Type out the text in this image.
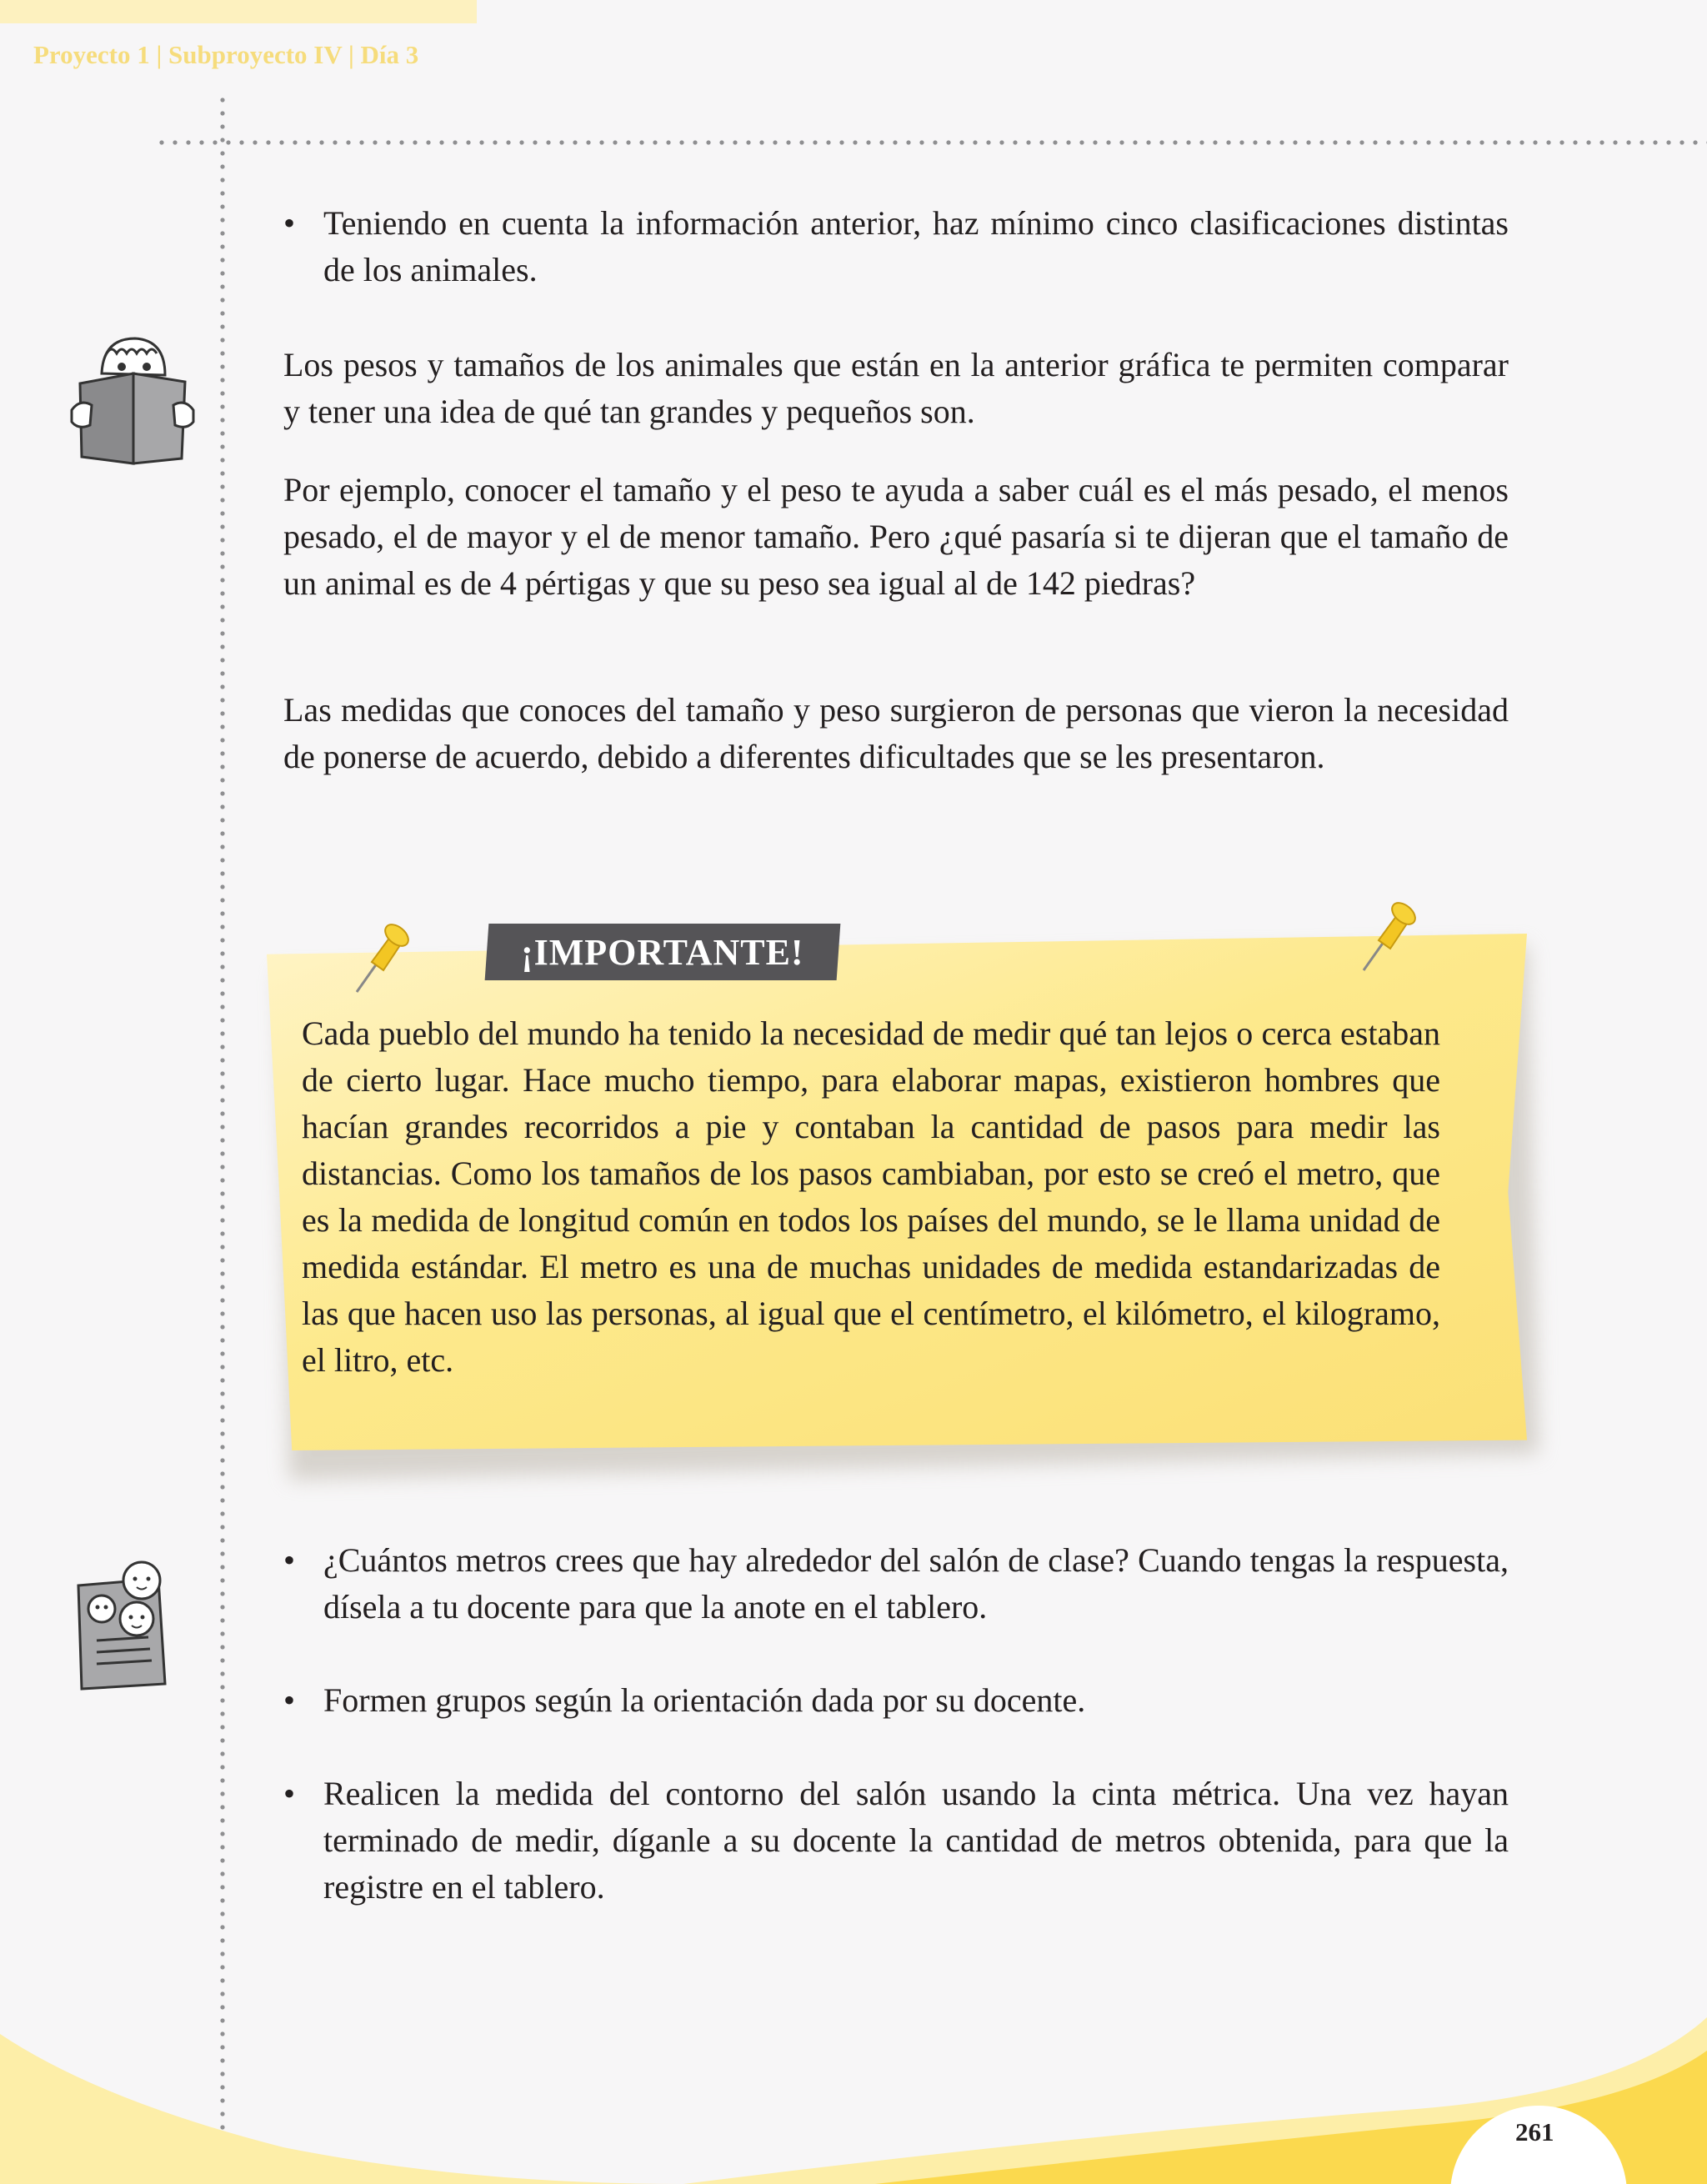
Proyecto 1 | Subproyecto IV | Día 3
• Teniendo en cuenta la información anterior, haz mínimo cinco clasificaciones distintas de los animales.

Los pesos y tamaños de los animales que están en la anterior gráfica te permiten comparar y tener una idea de qué tan grandes y pequeños son.

Por ejemplo, conocer el tamaño y el peso te ayuda a saber cuál es el más pesado, el menos pesado, el de mayor y el de menor tamaño. Pero ¿qué pasaría si te dijeran que el tamaño de un animal es de 4 pértigas y que su peso sea igual al de 142 piedras?

Las medidas que conoces del tamaño y peso surgieron de personas que vieron la necesidad de ponerse de acuerdo, debido a diferentes dificultades que se les presentaron.

¡IMPORTANTE!

Cada pueblo del mundo ha tenido la necesidad de medir qué tan lejos o cerca estaban de cierto lugar. Hace mucho tiempo, para elaborar mapas, existieron hombres que hacían grandes recorridos a pie y contaban la cantidad de pasos para medir las distancias. Como los tamaños de los pasos cambiaban, por esto se creó el metro, que es la medida de longitud común en todos los países del mundo, se le llama unidad de medida estándar. El metro es una de muchas unidades de medida estandarizadas de las que hacen uso las personas, al igual que el centímetro, el kilómetro, el kilogramo, el litro, etc.

• ¿Cuántos metros crees que hay alrededor del salón de clase? Cuando tengas la respuesta, dísela a tu docente para que la anote en el tablero.
• Formen grupos según la orientación dada por su docente.
• Realicen la medida del contorno del salón usando la cinta métrica. Una vez hayan terminado de medir, díganle a su docente la cantidad de metros obtenida, para que la registre en el tablero.
261
